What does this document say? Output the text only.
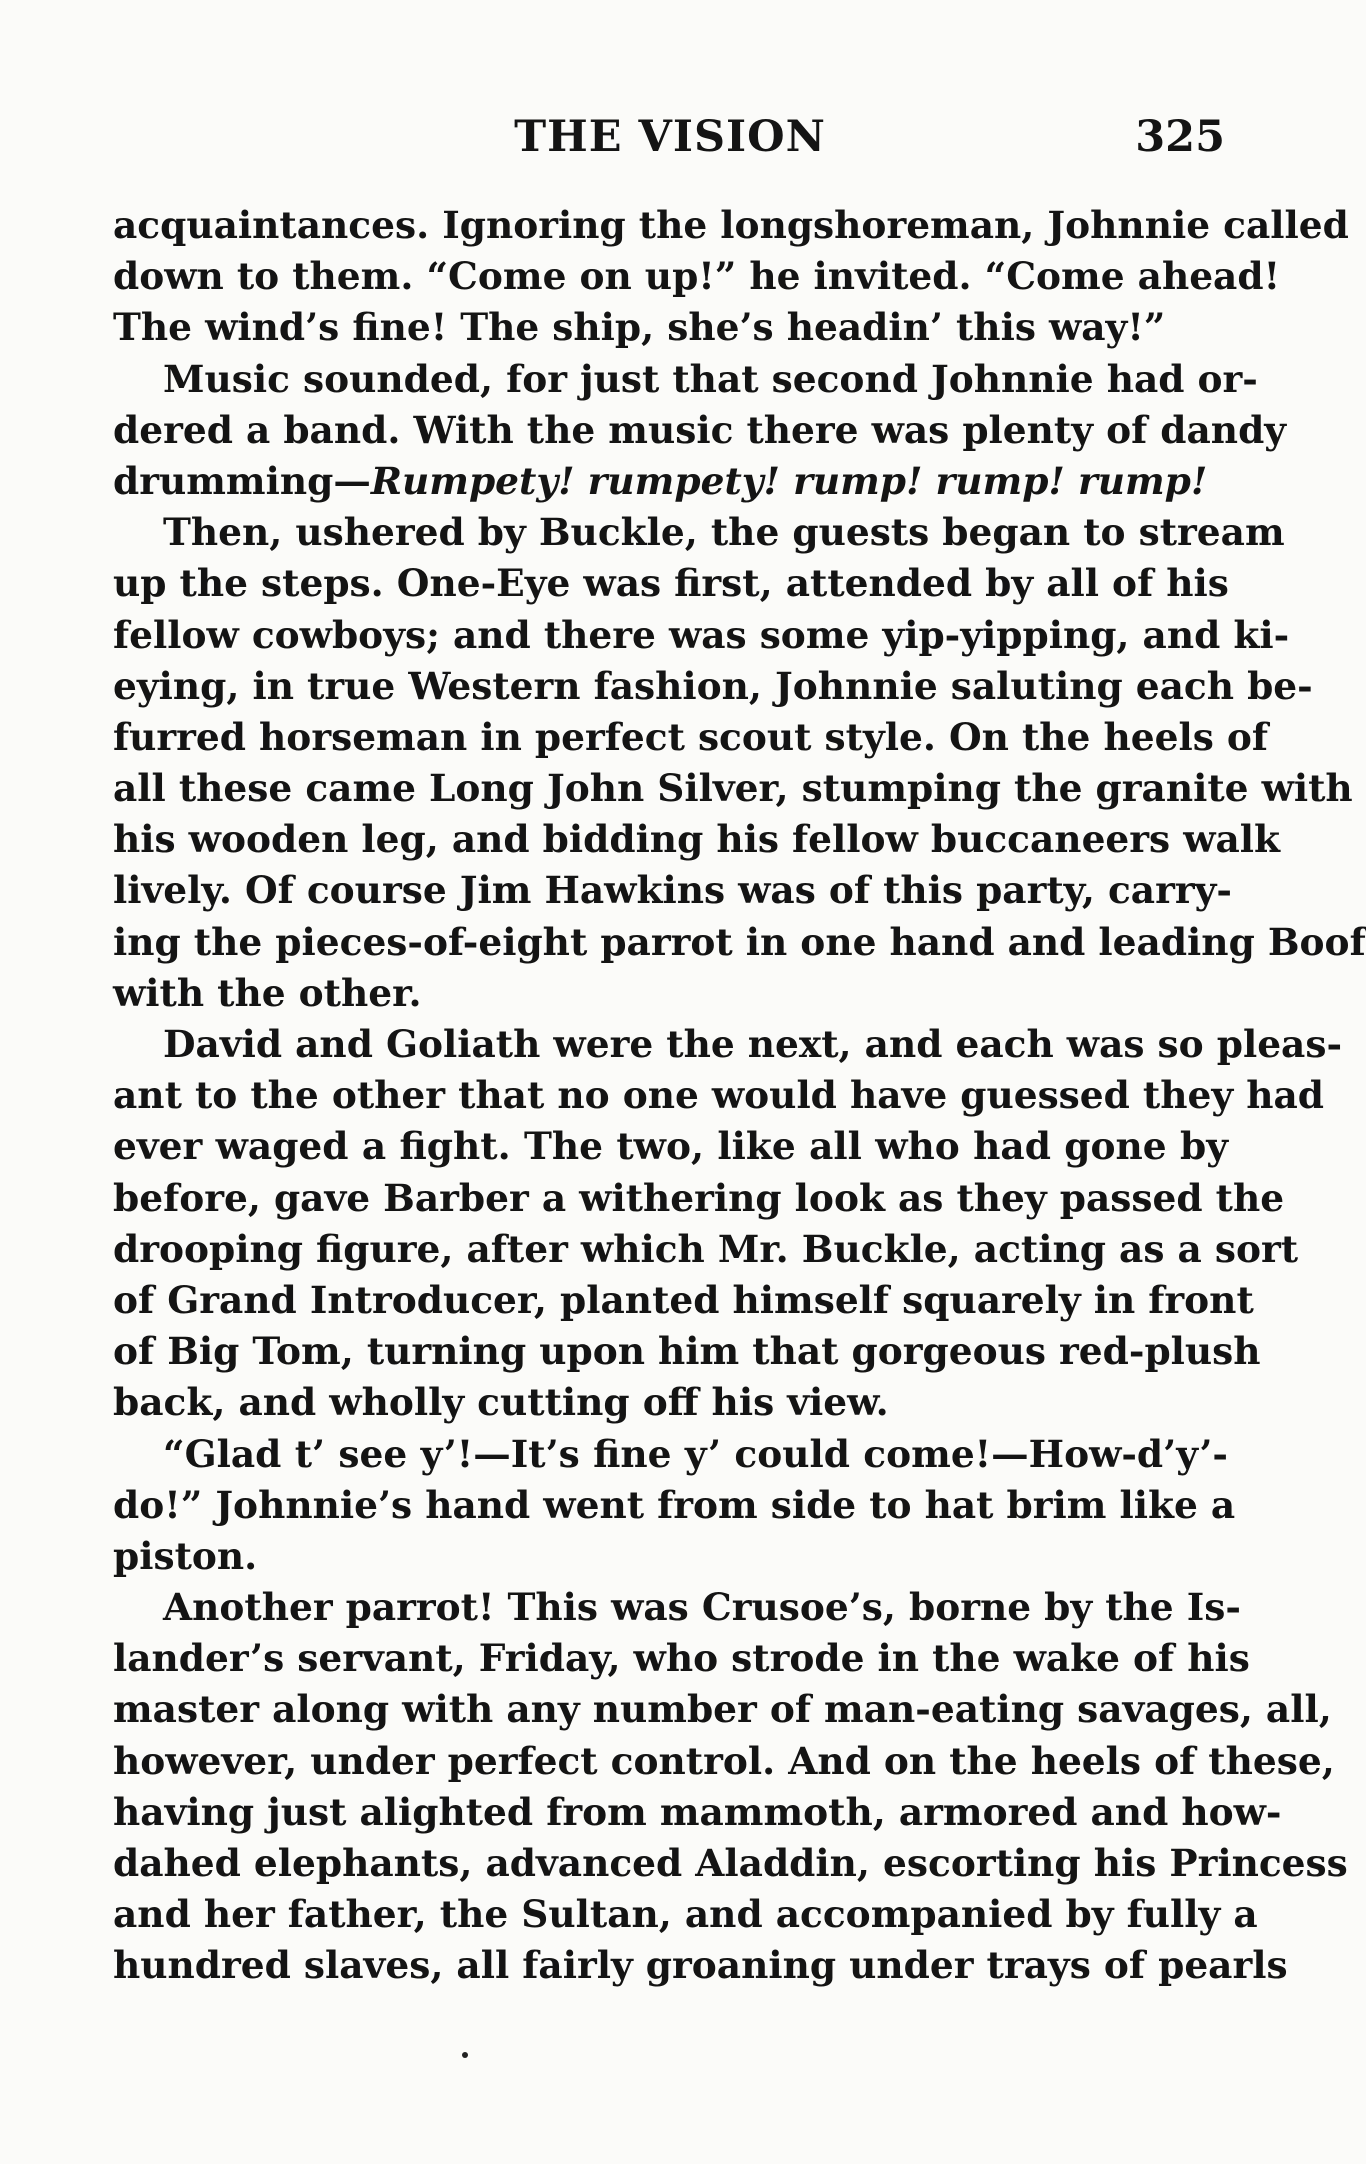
THE VISION	325
acquaintances. Ignoring the longshoreman, Johnnie called
down to them. “Come on up!” he invited. “Come ahead!
The wind’s fine! The ship, she’s headin’ this way!”
Music sounded, for just that second Johnnie had or-
dered a band. With the music there was plenty of dandy
drumming—Rumpety! rumpety! rump! rump! rump!
Then, ushered by Buckle, the guests began to stream
up the steps. One-Eye was first, attended by all of his
fellow cowboys; and there was some yip-yipping, and ki-
eying, in true Western fashion, Johnnie saluting each be-
furred horseman in perfect scout style. On the heels of
all these came Long John Silver, stumping the granite with
his wooden leg, and bidding his fellow buccaneers walk
lively. Of course Jim Hawkins was of this party, carry-
ing the pieces-of-eight parrot in one hand and leading Boof
with the other.
David and Goliath were the next, and each was so pleas-
ant to the other that no one would have guessed they had
ever waged a fight. The two, like all who had gone by
before, gave Barber a withering look as they passed the
drooping figure, after which Mr. Buckle, acting as a sort
of Grand Introducer, planted himself squarely in front
of Big Tom, turning upon him that gorgeous red-plush
back, and wholly cutting off his view.
“Glad t’ see y’!—It’s fine y’ could come!—How-d’y’-
do!” Johnnie’s hand went from side to hat brim like a
piston.
Another parrot! This was Crusoe’s, borne by the Is-
lander’s servant, Friday, who strode in the wake of his
master along with any number of man-eating savages, all,
however, under perfect control. And on the heels of these,
having just alighted from mammoth, armored and how-
dahed elephants, advanced Aladdin, escorting his Princess
and her father, the Sultan, and accompanied by fully a
hundred slaves, all fairly groaning under trays of pearls
